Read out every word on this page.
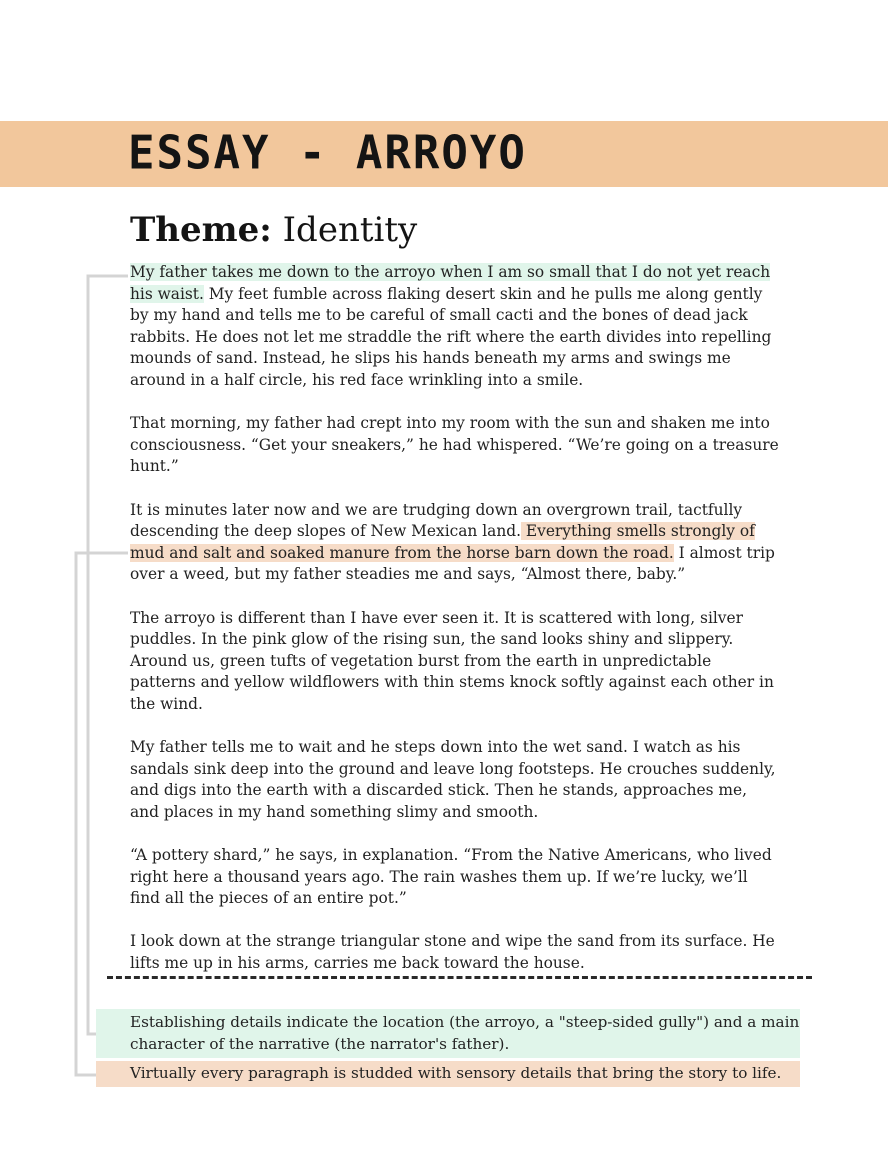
ESSAY - ARROYO
Theme: Identity

My father takes me down to the arroyo when I am so small that I do not yet reach his waist. My feet fumble across flaking desert skin and he pulls me along gently by my hand and tells me to be careful of small cacti and the bones of dead jack rabbits. He does not let me straddle the rift where the earth divides into repelling mounds of sand. Instead, he slips his hands beneath my arms and swings me around in a half circle, his red face wrinkling into a smile.

That morning, my father had crept into my room with the sun and shaken me into consciousness. “Get your sneakers,” he had whispered. “We’re going on a treasure hunt.”

It is minutes later now and we are trudging down an overgrown trail, tactfully descending the deep slopes of New Mexican land. Everything smells strongly of mud and salt and soaked manure from the horse barn down the road. I almost trip over a weed, but my father steadies me and says, “Almost there, baby.”

The arroyo is different than I have ever seen it. It is scattered with long, silver puddles. In the pink glow of the rising sun, the sand looks shiny and slippery. Around us, green tufts of vegetation burst from the earth in unpredictable patterns and yellow wildflowers with thin stems knock softly against each other in the wind.

My father tells me to wait and he steps down into the wet sand. I watch as his sandals sink deep into the ground and leave long footsteps. He crouches suddenly, and digs into the earth with a discarded stick. Then he stands, approaches me, and places in my hand something slimy and smooth.

“A pottery shard,” he says, in explanation. “From the Native Americans, who lived right here a thousand years ago. The rain washes them up. If we’re lucky, we’ll find all the pieces of an entire pot.”

I look down at the strange triangular stone and wipe the sand from its surface. He lifts me up in his arms, carries me back toward the house.

Establishing details indicate the location (the arroyo, a "steep-sided gully") and a main character of the narrative (the narrator's father).
Virtually every paragraph is studded with sensory details that bring the story to life.
